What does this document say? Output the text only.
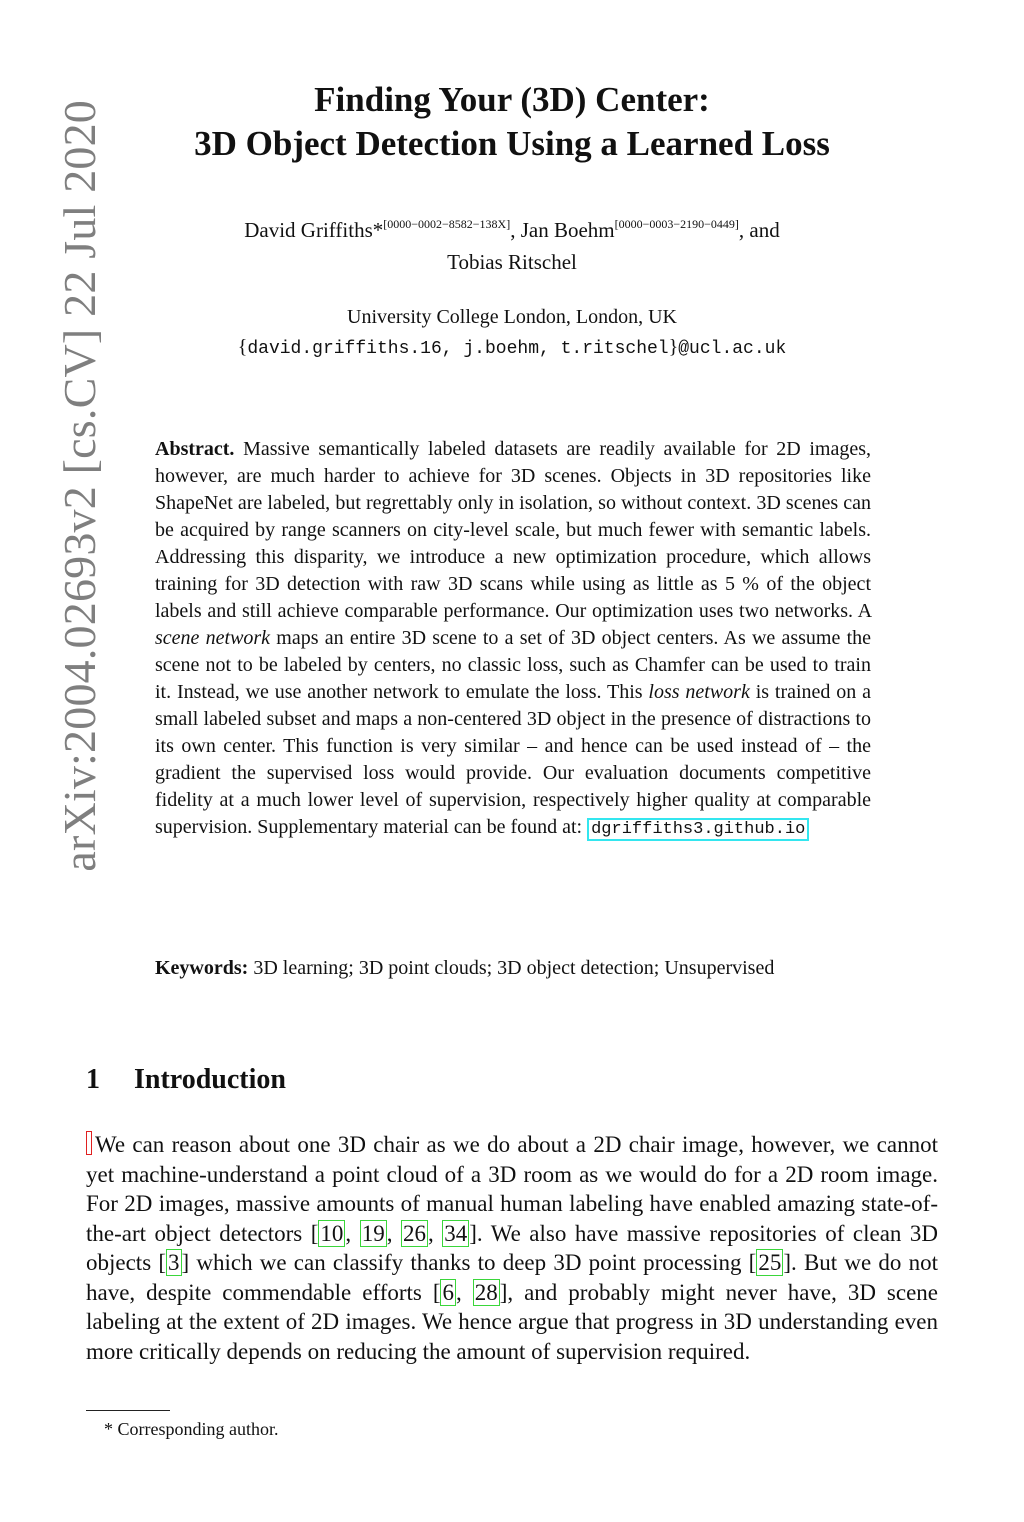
arXiv:2004.02693v2 [cs.CV] 22 Jul 2020
Finding Your (3D) Center:
3D Object Detection Using a Learned Loss
David Griffiths*[0000−0002−8582−138X], Jan Boehm[0000−0003−2190−0449], and
Tobias Ritschel
University College London, London, UK
{david.griffiths.16, j.boehm, t.ritschel}@ucl.ac.uk

Abstract. Massive semantically labeled datasets are readily available for 2D images, however, are much harder to achieve for 3D scenes. Objects in 3D repositories like ShapeNet are labeled, but regrettably only in isolation, so without context. 3D scenes can be acquired by range scanners on city-level scale, but much fewer with semantic labels. Addressing this disparity, we introduce a new optimization procedure, which allows training for 3D detection with raw 3D scans while using as little as 5 % of the object labels and still achieve comparable performance. Our optimization uses two networks. A scene network maps an entire 3D scene to a set of 3D object centers. As we assume the scene not to be labeled by centers, no classic loss, such as Chamfer can be used to train it. Instead, we use another network to emulate the loss. This loss network is trained on a small labeled subset and maps a non-centered 3D object in the presence of distractions to its own center. This function is very similar – and hence can be used instead of – the gradient the supervised loss would provide. Our evaluation documents competitive fidelity at a much lower level of supervision, respectively higher quality at comparable supervision. Supplementary material can be found at: dgriffiths3.github.io

Keywords: 3D learning; 3D point clouds; 3D object detection; Unsupervised

1 Introduction

We can reason about one 3D chair as we do about a 2D chair image, however, we cannot yet machine-understand a point cloud of a 3D room as we would do for a 2D room image. For 2D images, massive amounts of manual human labeling have enabled amazing state-of-the-art object detectors [10, 19, 26, 34]. We also have massive repositories of clean 3D objects [3] which we can classify thanks to deep 3D point processing [25]. But we do not have, despite commendable efforts [6, 28], and probably might never have, 3D scene labeling at the extent of 2D images. We hence argue that progress in 3D understanding even more critically depends on reducing the amount of supervision required.

* Corresponding author.
